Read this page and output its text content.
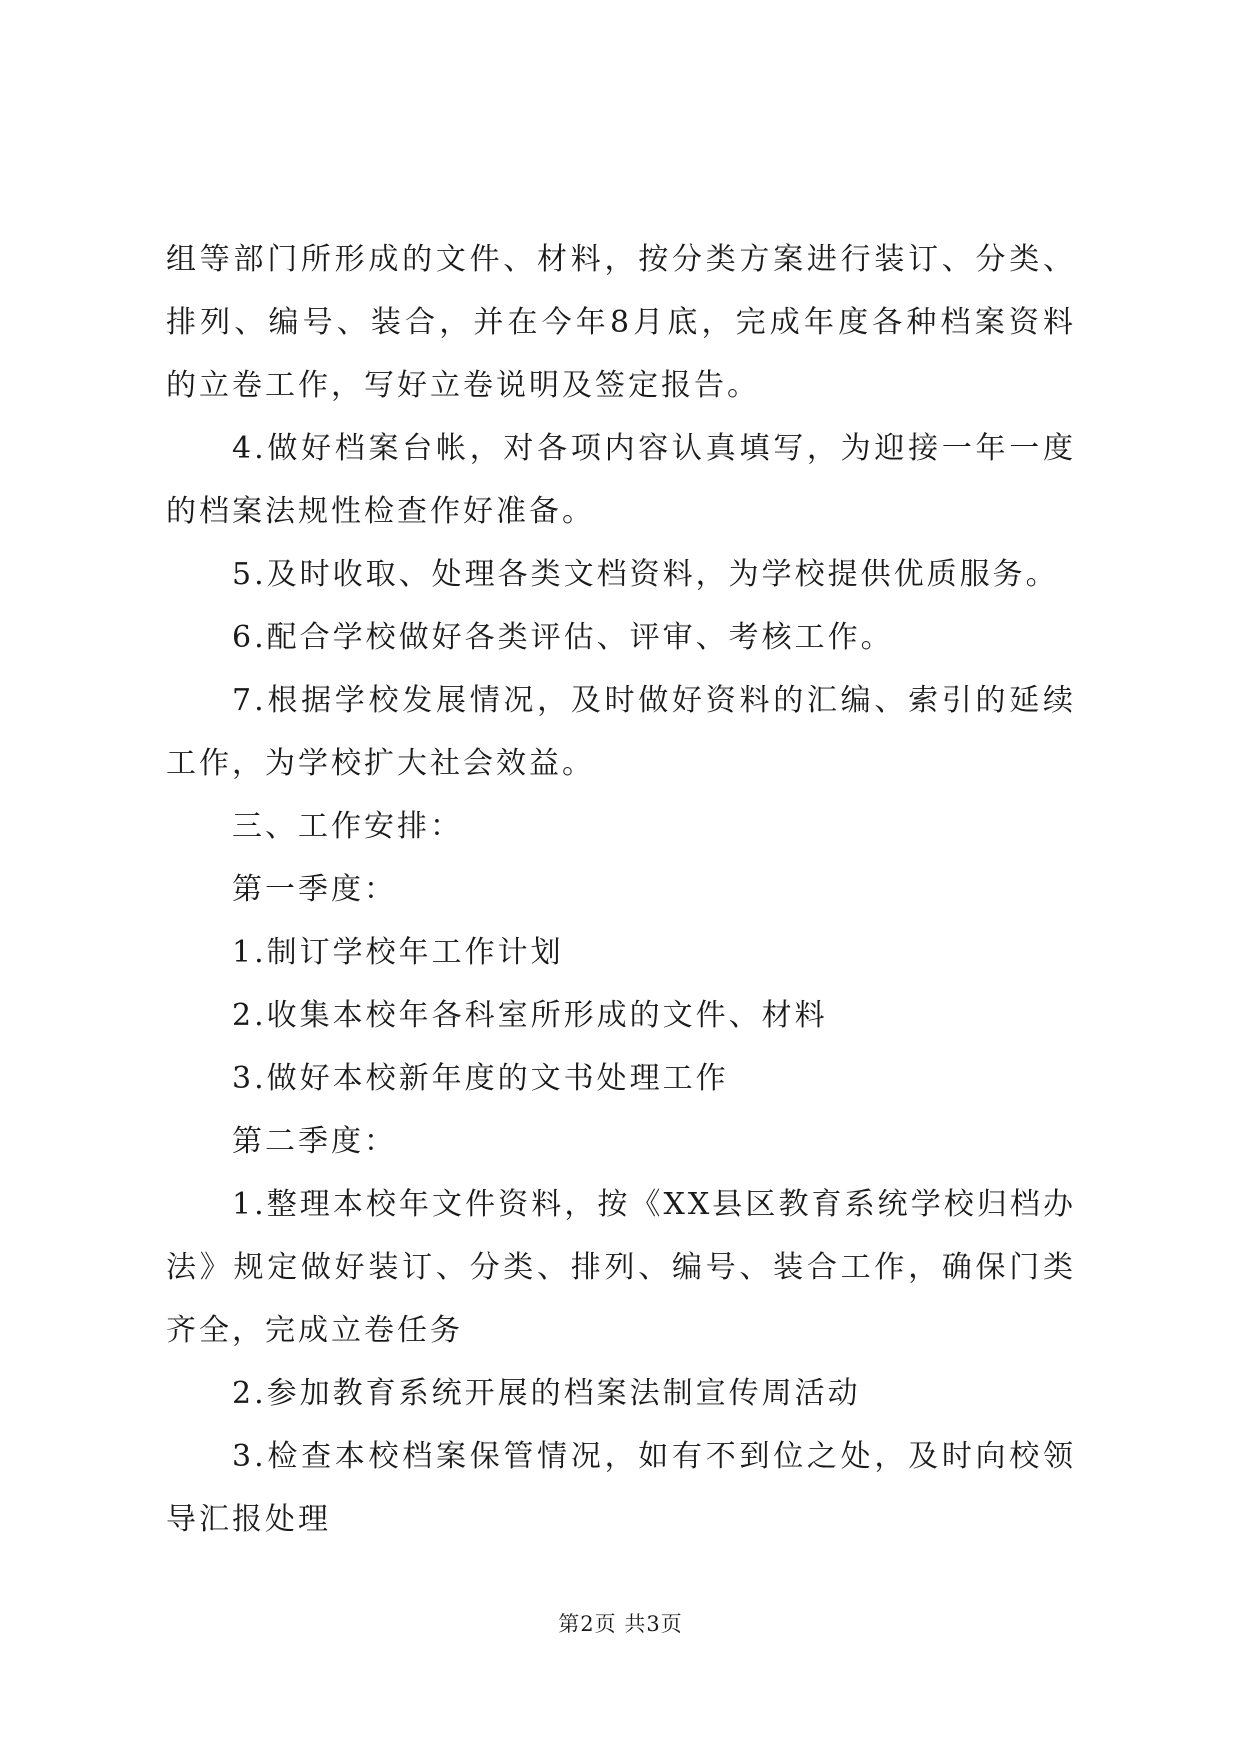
组等部门所形成的文件、材料，按分类方案进行装订、分类、排列、编号、装合，并在今年8月底，完成年度各种档案资料的立卷工作，写好立卷说明及签定报告。

4.做好档案台帐，对各项内容认真填写，为迎接一年一度的档案法规性检查作好准备。

5.及时收取、处理各类文档资料，为学校提供优质服务。

6.配合学校做好各类评估、评审、考核工作。

7.根据学校发展情况，及时做好资料的汇编、索引的延续工作，为学校扩大社会效益。

三、工作安排：

第一季度：

1.制订学校年工作计划

2.收集本校年各科室所形成的文件、材料

3.做好本校新年度的文书处理工作

第二季度：

1.整理本校年文件资料，按《XX县区教育系统学校归档办法》规定做好装订、分类、排列、编号、装合工作，确保门类齐全，完成立卷任务

2.参加教育系统开展的档案法制宣传周活动

3.检查本校档案保管情况，如有不到位之处，及时向校领导汇报处理

第2页 共3页
